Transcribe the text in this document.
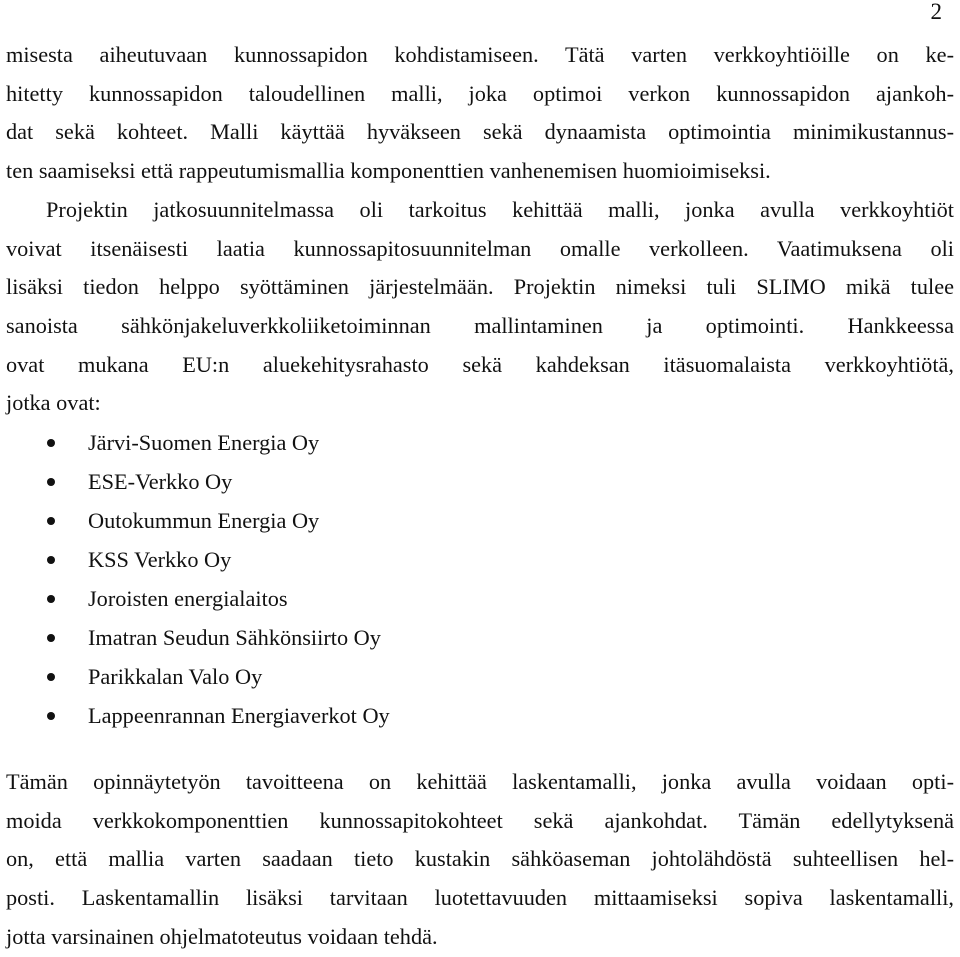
2

misesta aiheutuvaan kunnossapidon kohdistamiseen. Tätä varten verkkoyhtiöille on ke-
hitetty kunnossapidon taloudellinen malli, joka optimoi verkon kunnossapidon ajankoh-
dat sekä kohteet. Malli käyttää hyväkseen sekä dynaamista optimointia minimikustannus-
ten saamiseksi että rappeutumismallia komponenttien vanhenemisen huomioimiseksi.

Projektin jatkosuunnitelmassa oli tarkoitus kehittää malli, jonka avulla verkkoyhtiöt
voivat itsenäisesti laatia kunnossapitosuunnitelman omalle verkolleen. Vaatimuksena oli
lisäksi tiedon helppo syöttäminen järjestelmään. Projektin nimeksi tuli SLIMO mikä tulee
sanoista sähkönjakeluverkkoliiketoiminnan mallintaminen ja optimointi. Hankkeessa
ovat mukana EU:n aluekehitysrahasto sekä kahdeksan itäsuomalaista verkkoyhtiötä,
jotka ovat:

Järvi-Suomen Energia Oy
ESE-Verkko Oy
Outokummun Energia Oy
KSS Verkko Oy
Joroisten energialaitos
Imatran Seudun Sähkönsiirto Oy
Parikkalan Valo Oy
Lappeenrannan Energiaverkot Oy

Tämän opinnäytetyön tavoitteena on kehittää laskentamalli, jonka avulla voidaan opti-
moida verkkokomponenttien kunnossapitokohteet sekä ajankohdat. Tämän edellytyksenä
on, että mallia varten saadaan tieto kustakin sähköaseman johtolähdöstä suhteellisen hel-
posti. Laskentamallin lisäksi tarvitaan luotettavuuden mittaamiseksi sopiva laskentamalli,
jotta varsinainen ohjelmatoteutus voidaan tehdä.
